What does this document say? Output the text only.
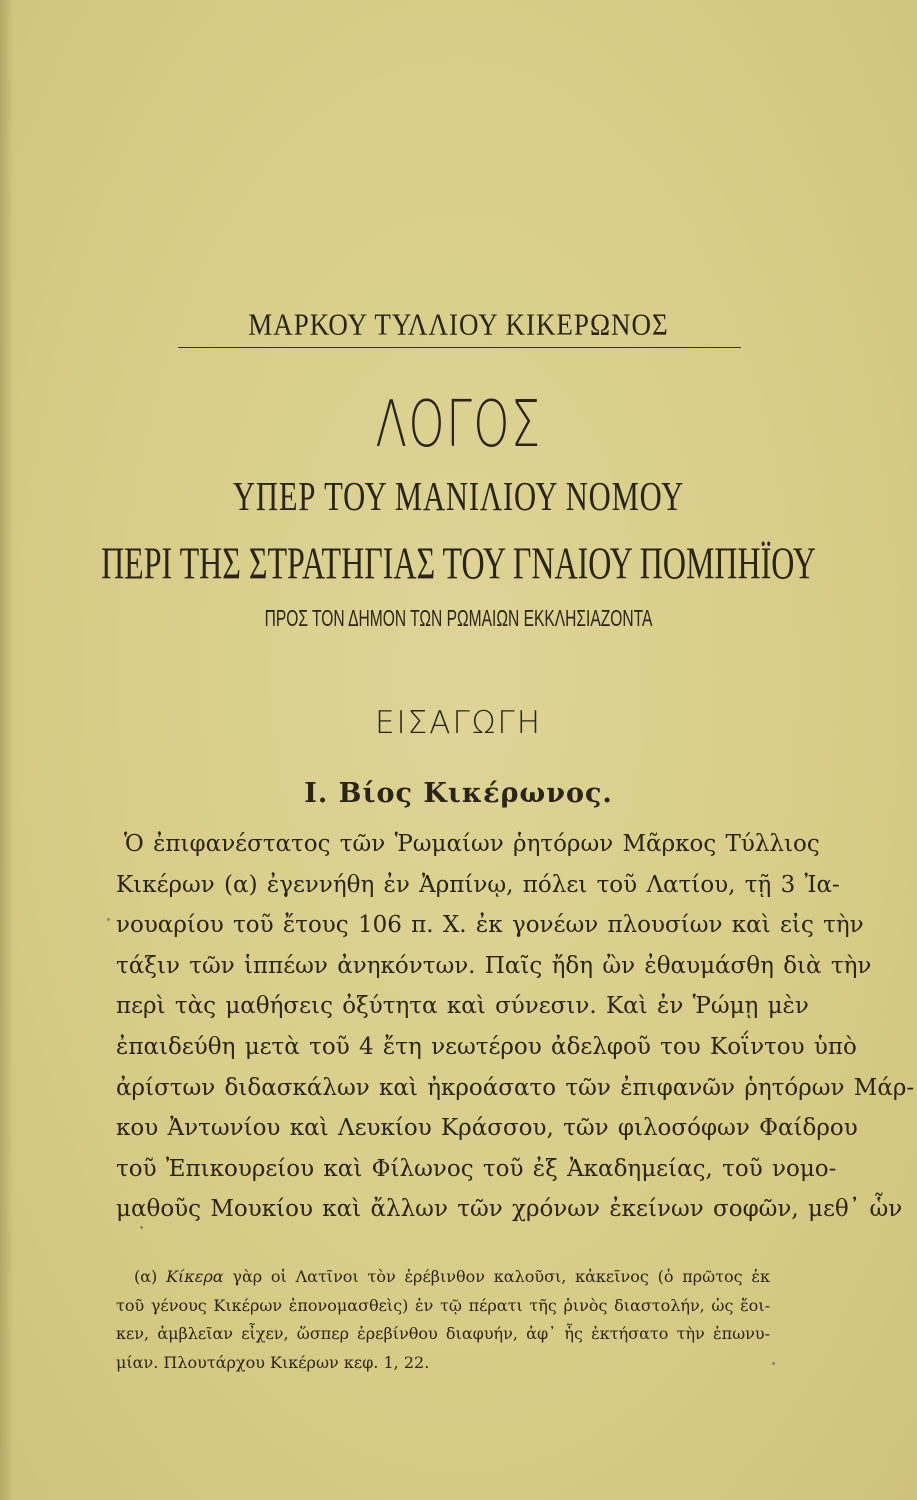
ΜΑΡΚΟΥ ΤΥΛΛΙΟΥ ΚΙΚΕΡΩΝΟΣ
ΛΟΓΟΣ
ΥΠΕΡ ΤΟΥ ΜΑΝΙΛΙΟΥ ΝΟΜΟΥ
ΠΕΡΙ ΤΗΣ ΣΤΡΑΤΗΓΙΑΣ ΤΟΥ ΓΝΑΙΟΥ ΠΟΜΠΗΪΟΥ
ΠΡΟΣ ΤΟΝ ΔΗΜΟΝ ΤΩΝ ΡΩΜΑΙΩΝ ΕΚΚΛΗΣΙΑΖΟΝΤΑ
ΕΙΣΑΓΩΓΗ
Ι. Βίος Κικέρωνος.
Ὁ ἐπιφανέστατος τῶν Ῥωμαίων ῥητόρων Μᾶρκος Τύλλιος
Κικέρων (α) ἐγεννήθη ἐν Ἀρπίνῳ, πόλει τοῦ Λατίου, τῇ 3 Ἰα-
νουαρίου τοῦ ἔτους 106 π. Χ. ἐκ γονέων πλουσίων καὶ εἰς τὴν
τάξιν τῶν ἱππέων ἀνηκόντων. Παῖς ἤδη ὢν ἐθαυμάσθη διὰ τὴν
περὶ τὰς μαθήσεις ὀξύτητα καὶ σύνεσιν. Καὶ ἐν Ῥώμῃ μὲν
ἐπαιδεύθη μετὰ τοῦ 4 ἔτη νεωτέρου ἀδελφοῦ του Κοΐντου ὑπὸ
ἀρίστων διδασκάλων καὶ ἠκροάσατο τῶν ἐπιφανῶν ῥητόρων Μάρ-
κου Ἀντωνίου καὶ Λευκίου Κράσσου, τῶν φιλοσόφων Φαίδρου
τοῦ Ἐπικουρείου καὶ Φίλωνος τοῦ ἐξ Ἀκαδημείας, τοῦ νομο-
μαθοῦς Μουκίου καὶ ἄλλων τῶν χρόνων ἐκείνων σοφῶν, μεθ᾽ ὧν
(α) Κίκερα γὰρ οἱ Λατῖνοι τὸν ἐρέβινθον καλοῦσι, κἀκεῖνος (ὁ πρῶτος ἐκ
τοῦ γένους Κικέρων ἐπονομασθεὶς) ἐν τῷ πέρατι τῆς ῥινὸς διαστολήν, ὡς ἔοι-
κεν, ἀμβλεῖαν εἶχεν, ὥσπερ ἐρεβίνθου διαφυήν, ἀφ᾽ ἧς ἐκτήσατο τὴν ἐπωνυ-
μίαν. Πλουτάρχου Κικέρων κεφ. 1, 22.
